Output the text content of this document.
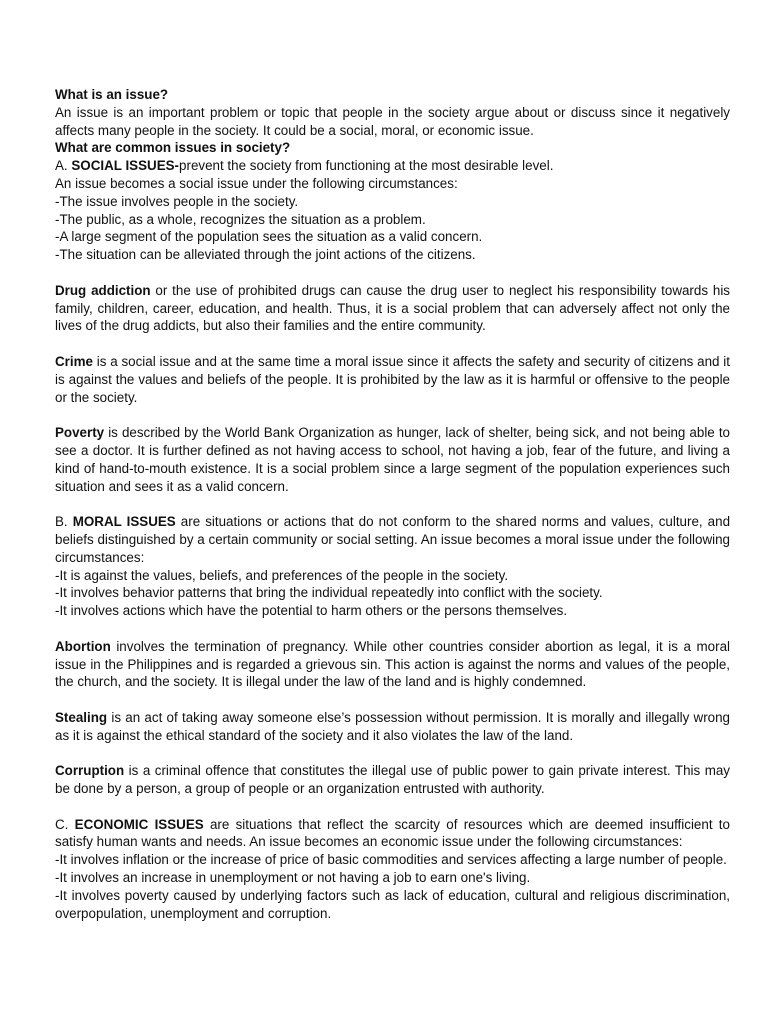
What is an issue?

An issue is an important problem or topic that people in the society argue about or discuss since it negatively affects many people in the society. It could be a social, moral, or economic issue.

What are common issues in society?
A. SOCIAL ISSUES-prevent the society from functioning at the most desirable level.
An issue becomes a social issue under the following circumstances:
-The issue involves people in the society.
-The public, as a whole, recognizes the situation as a problem.
-A large segment of the population sees the situation as a valid concern.
-The situation can be alleviated through the joint actions of the citizens.

Drug addiction or the use of prohibited drugs can cause the drug user to neglect his responsibility towards his family, children, career, education, and health. Thus, it is a social problem that can adversely affect not only the lives of the drug addicts, but also their families and the entire community.

Crime is a social issue and at the same time a moral issue since it affects the safety and security of citizens and it is against the values and beliefs of the people. It is prohibited by the law as it is harmful or offensive to the people or the society.

Poverty is described by the World Bank Organization as hunger, lack of shelter, being sick, and not being able to see a doctor. It is further defined as not having access to school, not having a job, fear of the future, and living a kind of hand-to-mouth existence. It is a social problem since a large segment of the population experiences such situation and sees it as a valid concern.

B. MORAL ISSUES are situations or actions that do not conform to the shared norms and values, culture, and beliefs distinguished by a certain community or social setting. An issue becomes a moral issue under the following circumstances:

-It is against the values, beliefs, and preferences of the people in the society.
-It involves behavior patterns that bring the individual repeatedly into conflict with the society.
-It involves actions which have the potential to harm others or the persons themselves.

Abortion involves the termination of pregnancy. While other countries consider abortion as legal, it is a moral issue in the Philippines and is regarded a grievous sin. This action is against the norms and values of the people, the church, and the society. It is illegal under the law of the land and is highly condemned.

Stealing is an act of taking away someone else’s possession without permission. It is morally and illegally wrong as it is against the ethical standard of the society and it also violates the law of the land.

Corruption is a criminal offence that constitutes the illegal use of public power to gain private interest. This may be done by a person, a group of people or an organization entrusted with authority.

C. ECONOMIC ISSUES are situations that reflect the scarcity of resources which are deemed insufficient to satisfy human wants and needs. An issue becomes an economic issue under the following circumstances:

-It involves inflation or the increase of price of basic commodities and services affecting a large number of people.

-It involves an increase in unemployment or not having a job to earn one's living.

-It involves poverty caused by underlying factors such as lack of education, cultural and religious discrimination, overpopulation, unemployment and corruption.
